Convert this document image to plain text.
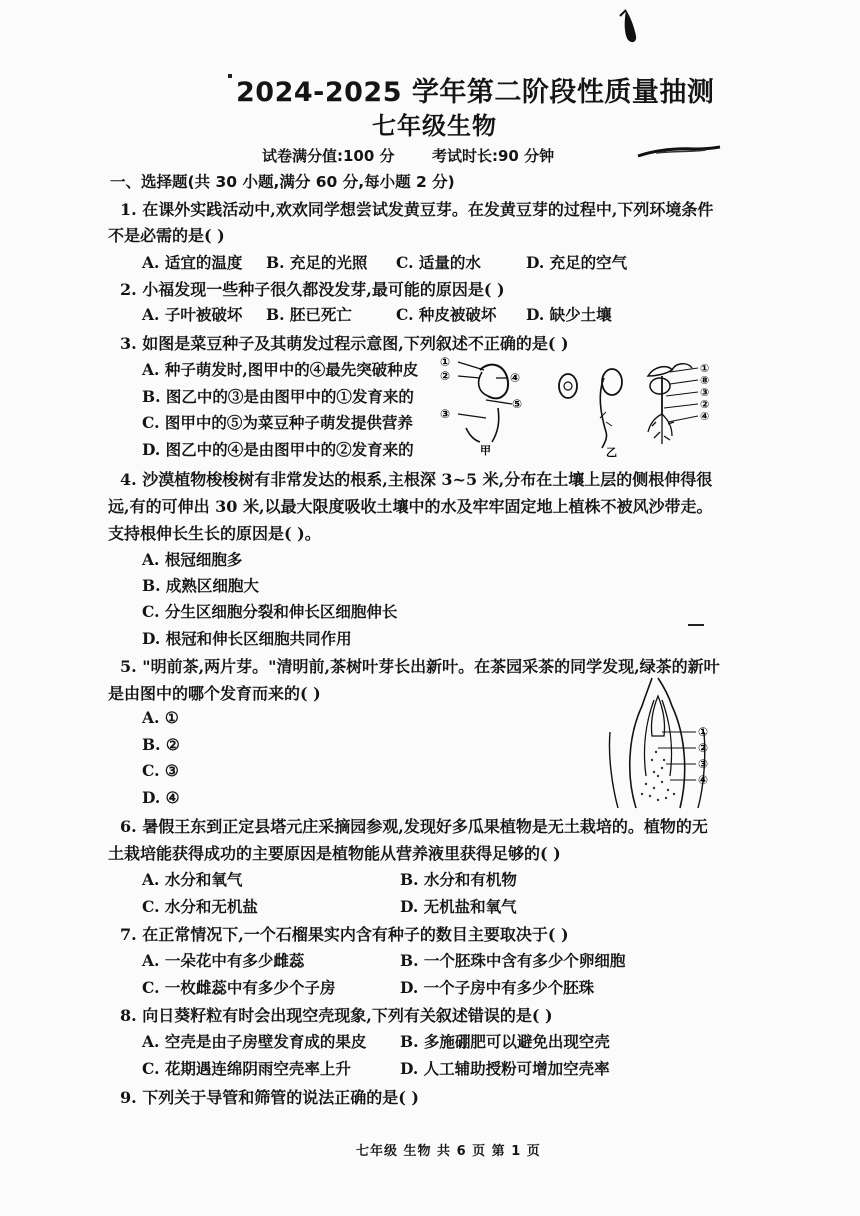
2024-2025 学年第二阶段性质量抽测
七年级生物
试卷满分值:100 分 考试时长:90 分钟
一、选择题(共 30 小题,满分 60 分,每小题 2 分)
1. 在课外实践活动中,欢欢同学想尝试发黄豆芽。在发黄豆芽的过程中,下列环境条件
不是必需的是( )
A. 适宜的温度 B. 充足的光照 C. 适量的水	D. 充足的空气
2. 小福发现一些种子很久都没发芽,最可能的原因是( )
A. 子叶被破坏 B. 胚已死亡	C. 种皮被破坏 D. 缺少土壤
3. 如图是菜豆种子及其萌发过程示意图,下列叙述不正确的是( )
A. 种子萌发时,图甲中的④最先突破种皮
B. 图乙中的③是由图甲中的①发育来的
C. 图甲中的⑤为菜豆种子萌发提供营养
D. 图乙中的④是由图甲中的②发育来的
①
②
③
④
⑤
甲	乙
①
⑧
③
②
④
4. 沙漠植物梭梭树有非常发达的根系,主根深 3~5 米,分布在土壤上层的侧根伸得很
远,有的可伸出 30 米,以最大限度吸收土壤中的水及牢牢固定地上植株不被风沙带走。
支持根伸长生长的原因是( )。
A. 根冠细胞多
B. 成熟区细胞大
C. 分生区细胞分裂和伸长区细胞伸长
D. 根冠和伸长区细胞共同作用
5. "明前茶,两片芽。"清明前,茶树叶芽长出新叶。在茶园采茶的同学发现,绿茶的新叶
是由图中的哪个发育而来的( )
A. ①
B. ②
C. ③
D. ④
①
②
③
④
6. 暑假王东到正定县塔元庄采摘园参观,发现好多瓜果植物是无土栽培的。植物的无
土栽培能获得成功的主要原因是植物能从营养液里获得足够的( )
A. 水分和氧气	B. 水分和有机物
C. 水分和无机盐	D. 无机盐和氧气
7. 在正常情况下,一个石榴果实内含有种子的数目主要取决于( )
A. 一朵花中有多少雌蕊	B. 一个胚珠中含有多少个卵细胞
C. 一枚雌蕊中有多少个子房	D. 一个子房中有多少个胚珠
8. 向日葵籽粒有时会出现空壳现象,下列有关叙述错误的是( )
A. 空壳是由子房壁发育成的果皮 B. 多施硼肥可以避免出现空壳
C. 花期遇连绵阴雨空壳率上升	D. 人工辅助授粉可增加空壳率
9. 下列关于导管和筛管的说法正确的是( )
七年级 生物 共 6 页 第 1 页
